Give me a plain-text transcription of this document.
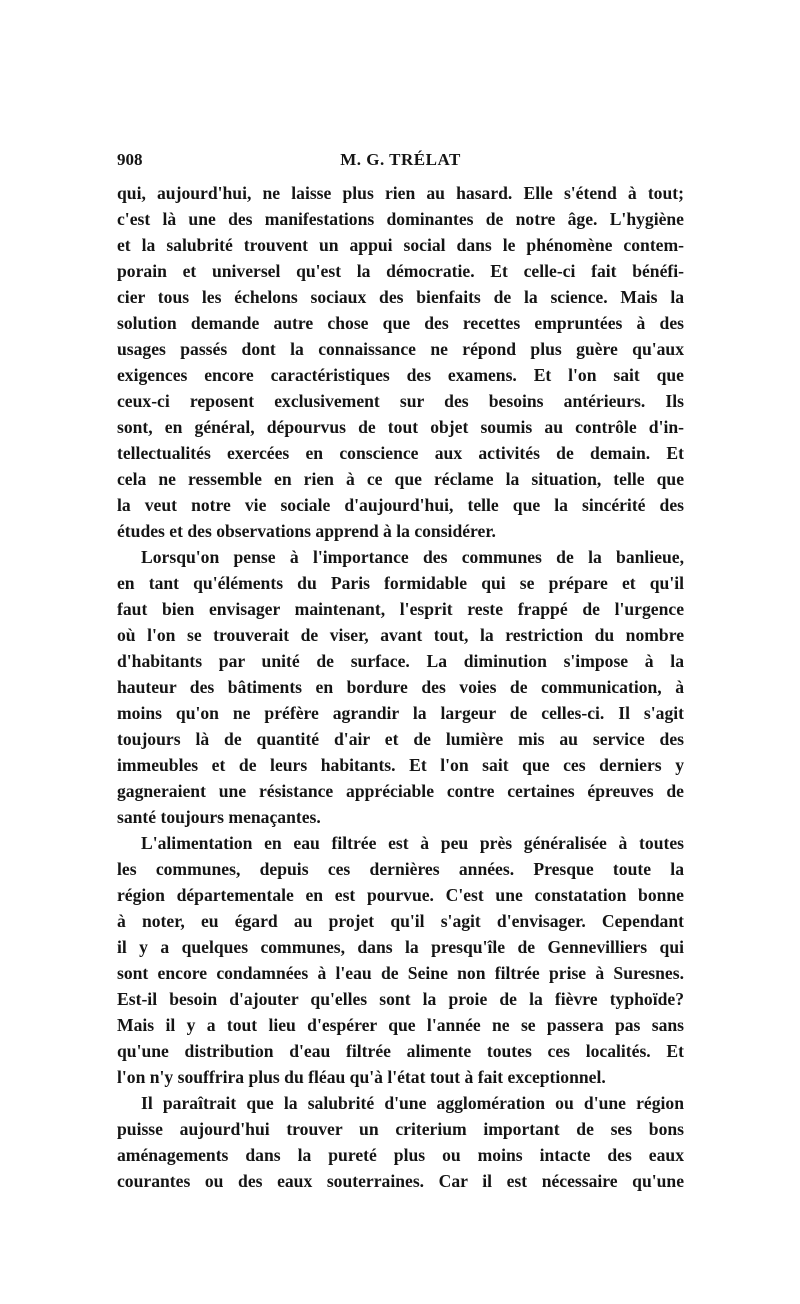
908	M. G. TRÉLAT
qui, aujourd'hui, ne laisse plus rien au hasard. Elle s'étend à tout;
c'est là une des manifestations dominantes de notre âge. L'hygiène
et la salubrité trouvent un appui social dans le phénomène contem-
porain et universel qu'est la démocratie. Et celle-ci fait bénéfi-
cier tous les échelons sociaux des bienfaits de la science. Mais la
solution demande autre chose que des recettes empruntées à des
usages passés dont la connaissance ne répond plus guère qu'aux
exigences encore caractéristiques des examens. Et l'on sait que
ceux-ci reposent exclusivement sur des besoins antérieurs. Ils
sont, en général, dépourvus de tout objet soumis au contrôle d'in-
tellectualités exercées en conscience aux activités de demain. Et
cela ne ressemble en rien à ce que réclame la situation, telle que
la veut notre vie sociale d'aujourd'hui, telle que la sincérité des
études et des observations apprend à la considérer.
Lorsqu'on pense à l'importance des communes de la banlieue,
en tant qu'éléments du Paris formidable qui se prépare et qu'il
faut bien envisager maintenant, l'esprit reste frappé de l'urgence
où l'on se trouverait de viser, avant tout, la restriction du nombre
d'habitants par unité de surface. La diminution s'impose à la
hauteur des bâtiments en bordure des voies de communication, à
moins qu'on ne préfère agrandir la largeur de celles-ci. Il s'agit
toujours là de quantité d'air et de lumière mis au service des
immeubles et de leurs habitants. Et l'on sait que ces derniers y
gagneraient une résistance appréciable contre certaines épreuves de
santé toujours menaçantes.
L'alimentation en eau filtrée est à peu près généralisée à toutes
les communes, depuis ces dernières années. Presque toute la
région départementale en est pourvue. C'est une constatation bonne
à noter, eu égard au projet qu'il s'agit d'envisager. Cependant
il y a quelques communes, dans la presqu'île de Gennevilliers qui
sont encore condamnées à l'eau de Seine non filtrée prise à Suresnes.
Est-il besoin d'ajouter qu'elles sont la proie de la fièvre typhoïde?
Mais il y a tout lieu d'espérer que l'année ne se passera pas sans
qu'une distribution d'eau filtrée alimente toutes ces localités. Et
l'on n'y souffrira plus du fléau qu'à l'état tout à fait exceptionnel.
Il paraîtrait que la salubrité d'une agglomération ou d'une région
puisse aujourd'hui trouver un criterium important de ses bons
aménagements dans la pureté plus ou moins intacte des eaux
courantes ou des eaux souterraines. Car il est nécessaire qu'une
